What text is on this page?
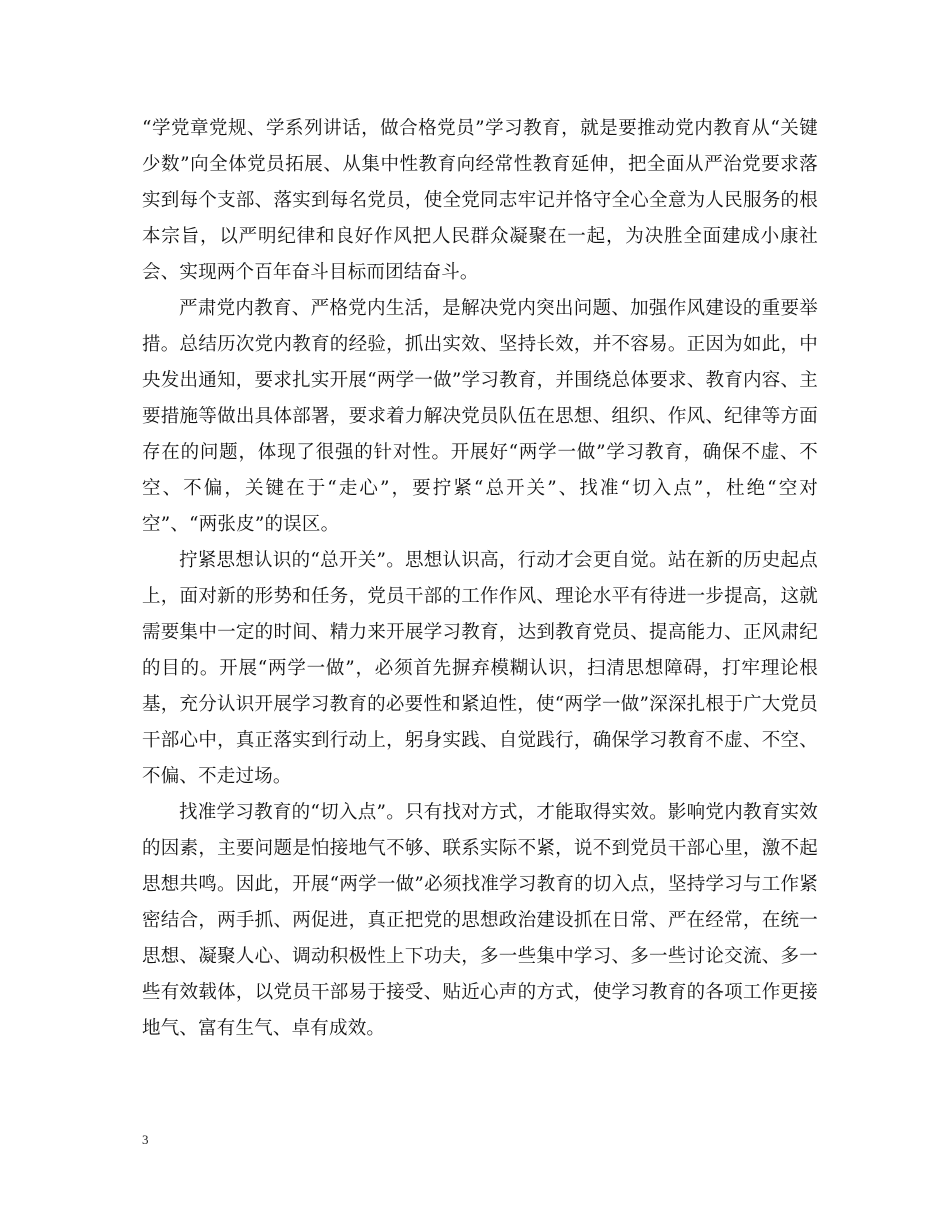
“学党章党规、学系列讲话，做合格党员”学习教育，就是要推动党内教育从“关键少数”向全体党员拓展、从集中性教育向经常性教育延伸，把全面从严治党要求落实到每个支部、落实到每名党员，使全党同志牢记并恪守全心全意为人民服务的根本宗旨，以严明纪律和良好作风把人民群众凝聚在一起，为决胜全面建成小康社会、实现两个百年奋斗目标而团结奋斗。

严肃党内教育、严格党内生活，是解决党内突出问题、加强作风建设的重要举措。总结历次党内教育的经验，抓出实效、坚持长效，并不容易。正因为如此，中央发出通知，要求扎实开展“两学一做”学习教育，并围绕总体要求、教育内容、主要措施等做出具体部署，要求着力解决党员队伍在思想、组织、作风、纪律等方面存在的问题，体现了很强的针对性。开展好“两学一做”学习教育，确保不虚、不空、不偏，关键在于“走心”，要拧紧“总开关”、找准“切入点”，杜绝“空对空”、“两张皮”的误区。

拧紧思想认识的“总开关”。思想认识高，行动才会更自觉。站在新的历史起点上，面对新的形势和任务，党员干部的工作作风、理论水平有待进一步提高，这就需要集中一定的时间、精力来开展学习教育，达到教育党员、提高能力、正风肃纪的目的。开展“两学一做”，必须首先摒弃模糊认识，扫清思想障碍，打牢理论根基，充分认识开展学习教育的必要性和紧迫性，使“两学一做”深深扎根于广大党员干部心中，真正落实到行动上，躬身实践、自觉践行，确保学习教育不虚、不空、不偏、不走过场。

找准学习教育的“切入点”。只有找对方式，才能取得实效。影响党内教育实效的因素，主要问题是怕接地气不够、联系实际不紧，说不到党员干部心里，激不起思想共鸣。因此，开展“两学一做”必须找准学习教育的切入点，坚持学习与工作紧密结合，两手抓、两促进，真正把党的思想政治建设抓在日常、严在经常，在统一思想、凝聚人心、调动积极性上下功夫，多一些集中学习、多一些讨论交流、多一些有效载体，以党员干部易于接受、贴近心声的方式，使学习教育的各项工作更接地气、富有生气、卓有成效。

3
